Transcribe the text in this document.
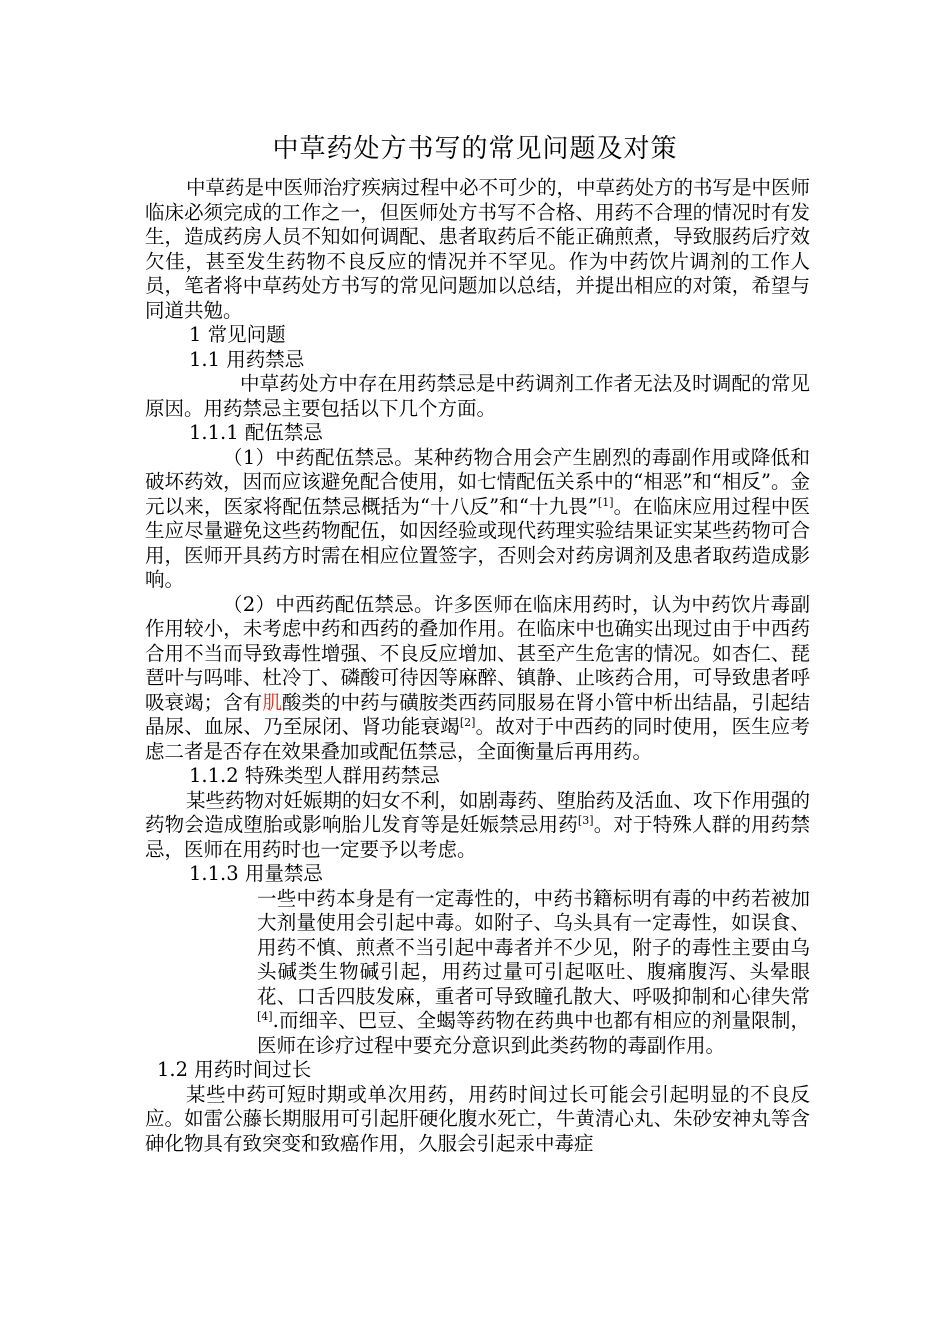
中草药处方书写的常见问题及对策

中草药是中医师治疗疾病过程中必不可少的，中草药处方的书写是中医师临床必须完成的工作之一，但医师处方书写不合格、用药不合理的情况时有发生，造成药房人员不知如何调配、患者取药后不能正确煎煮，导致服药后疗效欠佳，甚至发生药物不良反应的情况并不罕见。作为中药饮片调剂的工作人员，笔者将中草药处方书写的常见问题加以总结，并提出相应的对策，希望与同道共勉。

1 常见问题
1.1 用药禁忌

中草药处方中存在用药禁忌是中药调剂工作者无法及时调配的常见原因。用药禁忌主要包括以下几个方面。

1.1.1 配伍禁忌

（1）中药配伍禁忌。某种药物合用会产生剧烈的毒副作用或降低和破坏药效，因而应该避免配合使用，如七情配伍关系中的“相恶”和“相反”。金元以来，医家将配伍禁忌概括为“十八反”和“十九畏”[1]。在临床应用过程中医生应尽量避免这些药物配伍，如因经验或现代药理实验结果证实某些药物可合用，医师开具药方时需在相应位置签字，否则会对药房调剂及患者取药造成影响。

（2）中西药配伍禁忌。许多医师在临床用药时，认为中药饮片毒副作用较小，未考虑中药和西药的叠加作用。在临床中也确实出现过由于中西药合用不当而导致毒性增强、不良反应增加、甚至产生危害的情况。如杏仁、琵琶叶与吗啡、杜冷丁、磷酸可待因等麻醉、镇静、止咳药合用，可导致患者呼吸衰竭；含有肌酸类的中药与磺胺类西药同服易在肾小管中析出结晶，引起结晶尿、血尿、乃至尿闭、肾功能衰竭[2]。故对于中西药的同时使用，医生应考虑二者是否存在效果叠加或配伍禁忌，全面衡量后再用药。

1.1.2 特殊类型人群用药禁忌

某些药物对妊娠期的妇女不利，如剧毒药、堕胎药及活血、攻下作用强的药物会造成堕胎或影响胎儿发育等是妊娠禁忌用药[3]。对于特殊人群的用药禁忌，医师在用药时也一定要予以考虑。

1.1.3 用量禁忌

一些中药本身是有一定毒性的，中药书籍标明有毒的中药若被加大剂量使用会引起中毒。如附子、乌头具有一定毒性，如误食、用药不慎、煎煮不当引起中毒者并不少见，附子的毒性主要由乌头碱类生物碱引起，用药过量可引起呕吐、腹痛腹泻、头晕眼花、口舌四肢发麻，重者可导致瞳孔散大、呼吸抑制和心律失常[4].而细辛、巴豆、全蝎等药物在药典中也都有相应的剂量限制，医师在诊疗过程中要充分意识到此类药物的毒副作用。

1.2 用药时间过长

某些中药可短时期或单次用药，用药时间过长可能会引起明显的不良反应。如雷公藤长期服用可引起肝硬化腹水死亡，牛黄清心丸、朱砂安神丸等含砷化物具有致突变和致癌作用，久服会引起汞中毒症
